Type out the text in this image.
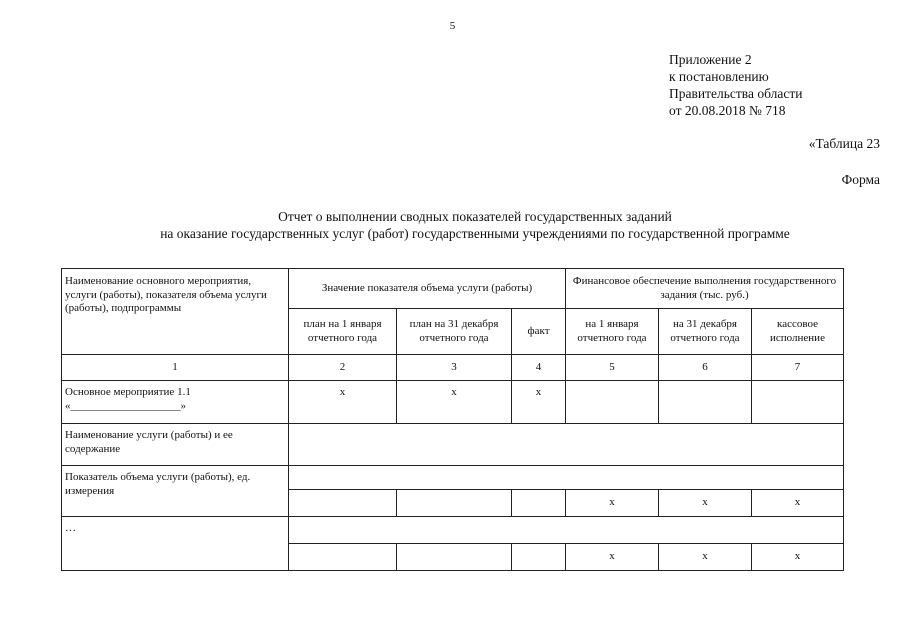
5
Приложение 2
к постановлению
Правительства области
от 20.08.2018 № 718
«Таблица 23
Форма
Отчет о выполнении сводных показателей государственных заданий
на оказание государственных услуг (работ) государственными учреждениями по государственной программе
Наименование основного мероприятия, услуги (работы), показателя объема услуги (работы), подпрограммы	Значение показателя объема услуги (работы)			Финансовое обеспечение выполнения государственного задания (тыс. руб.)		
	план на 1 января отчетного года	план на 31 декабря отчетного года	факт	на 1 января отчетного года	на 31 декабря отчетного года	кассовое исполнение
1	2	3	4	5	6	7

Основное мероприятие 1.1
«____________________»	x	x	x			
Наименование услуги (работы) и ее содержание						
Показатель объема услуги (работы), ед. измерения						
				x	x	x
…						
				x	x	x
